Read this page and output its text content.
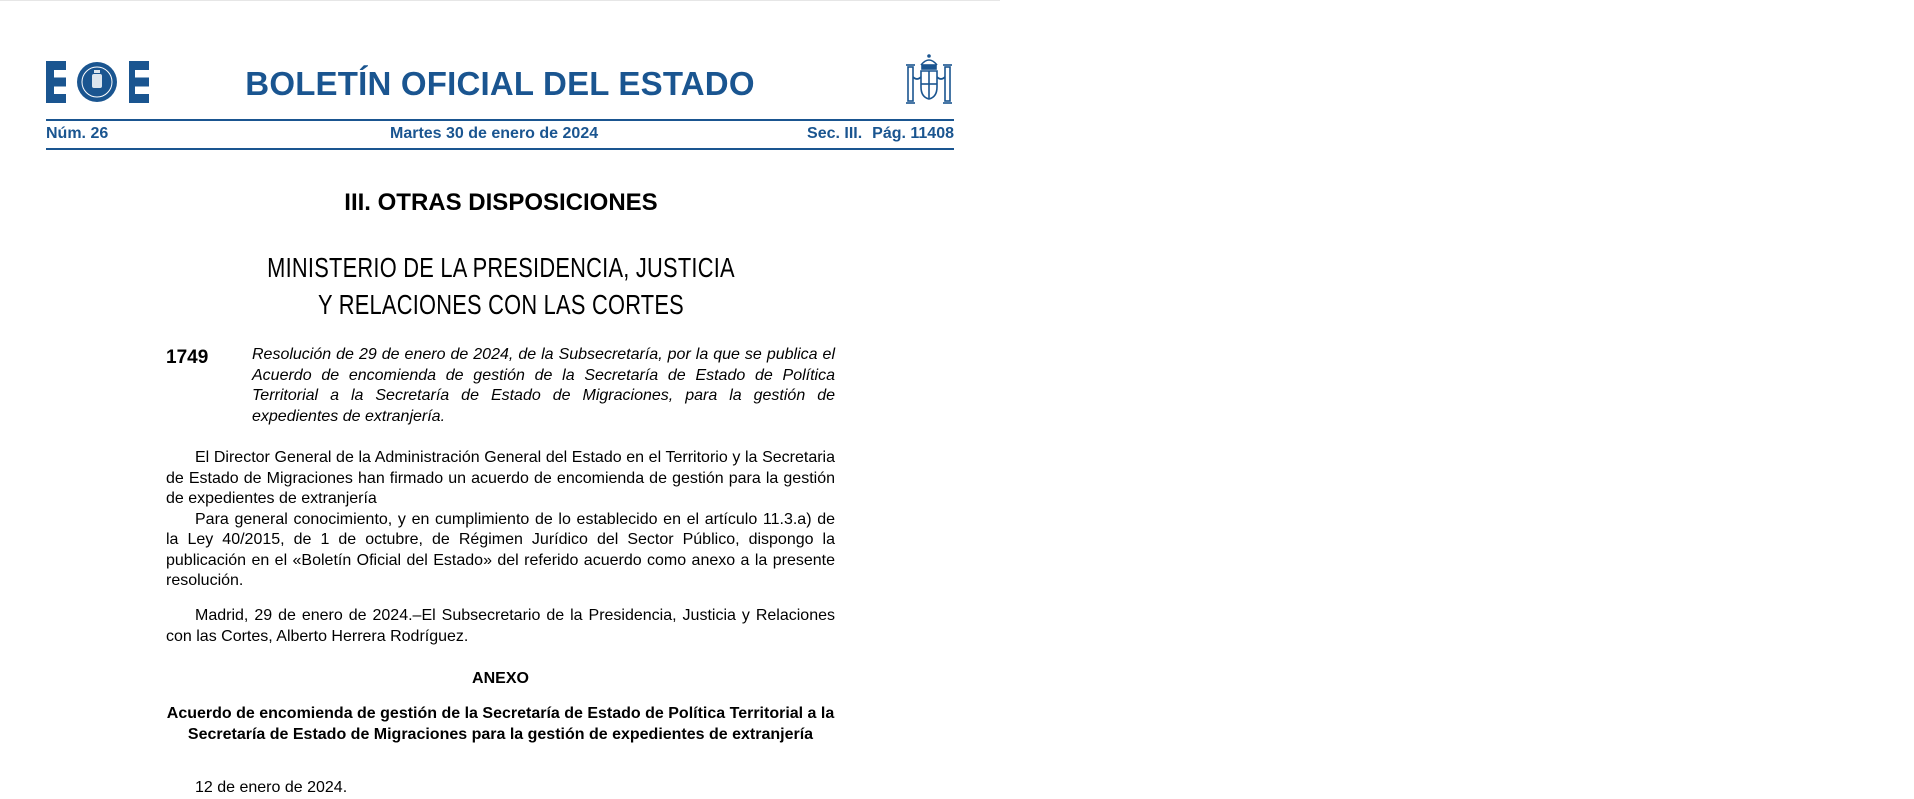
BOLETÍN OFICIAL DEL ESTADO
Núm. 26	Martes 30 de enero de 2024	Sec. III. Pág. 11408
III. OTRAS DISPOSICIONES
MINISTERIO DE LA PRESIDENCIA, JUSTICIA
Y RELACIONES CON LAS CORTES
1749	Resolución de 29 de enero de 2024, de la Subsecretaría, por la que se publica el Acuerdo de encomienda de gestión de la Secretaría de Estado de Política Territorial a la Secretaría de Estado de Migraciones, para la gestión de expedientes de extranjería.

El Director General de la Administración General del Estado en el Territorio y la Secretaria de Estado de Migraciones han firmado un acuerdo de encomienda de gestión para la gestión de expedientes de extranjería

Para general conocimiento, y en cumplimiento de lo establecido en el artículo 11.3.a) de la Ley 40/2015, de 1 de octubre, de Régimen Jurídico del Sector Público, dispongo la publicación en el «Boletín Oficial del Estado» del referido acuerdo como anexo a la presente resolución.

Madrid, 29 de enero de 2024.–El Subsecretario de la Presidencia, Justicia y Relaciones con las Cortes, Alberto Herrera Rodríguez.

ANEXO
Acuerdo de encomienda de gestión de la Secretaría de Estado de Política Territorial a la Secretaría de Estado de Migraciones para la gestión de expedientes de extranjería

12 de enero de 2024.
